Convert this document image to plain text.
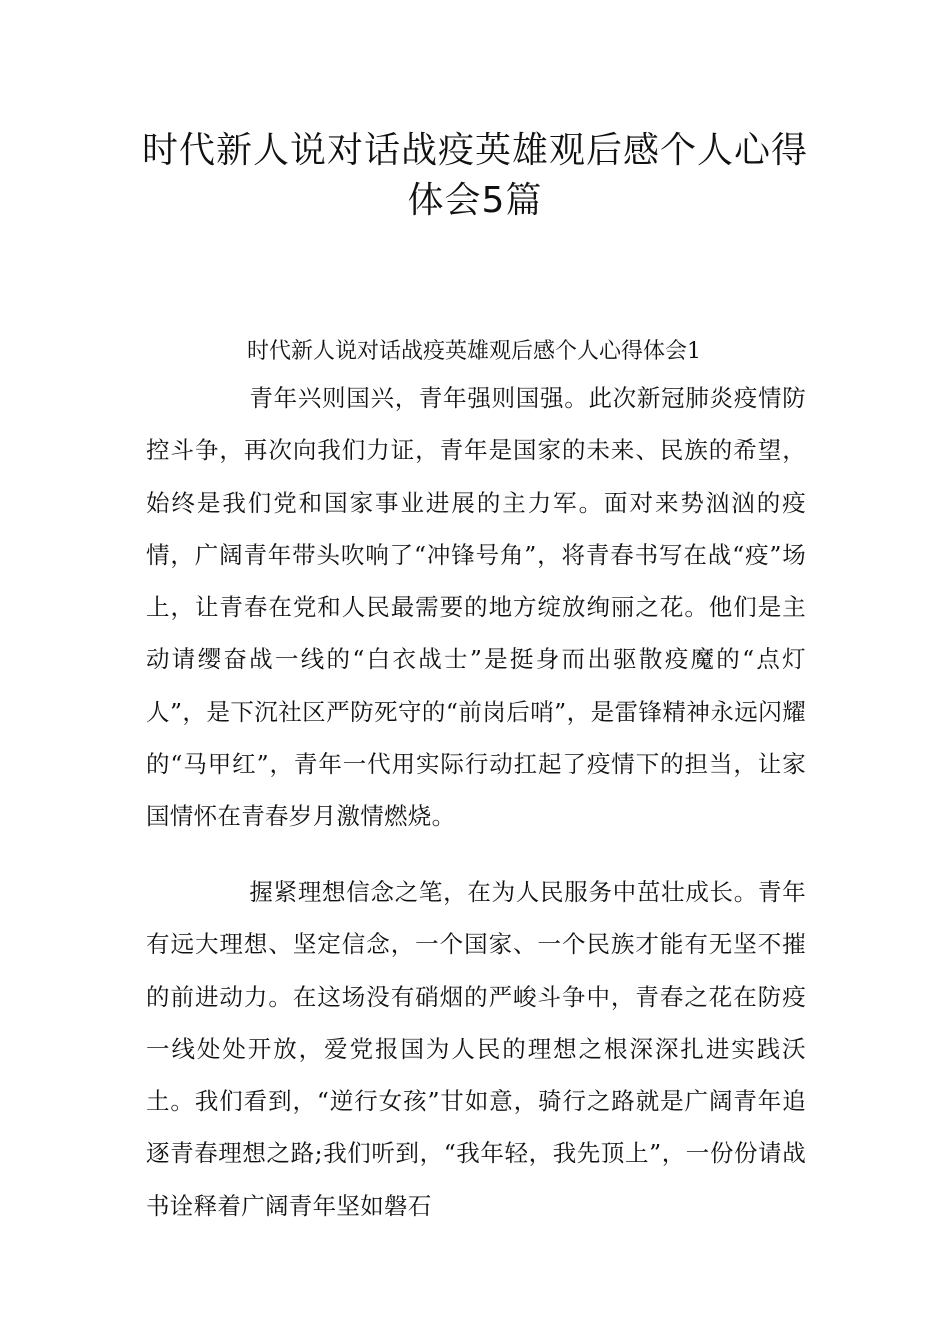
时代新人说对话战疫英雄观后感个人心得体会5篇

时代新人说对话战疫英雄观后感个人心得体会1

青年兴则国兴，青年强则国强。此次新冠肺炎疫情防控斗争，再次向我们力证，青年是国家的未来、民族的希望，始终是我们党和国家事业进展的主力军。面对来势汹汹的疫情，广阔青年带头吹响了“冲锋号角”，将青春书写在战“疫”场上，让青春在党和人民最需要的地方绽放绚丽之花。他们是主动请缨奋战一线的“白衣战士”是挺身而出驱散疫魔的“点灯人”，是下沉社区严防死守的“前岗后哨”，是雷锋精神永远闪耀的“马甲红”，青年一代用实际行动扛起了疫情下的担当，让家国情怀在青春岁月激情燃烧。

握紧理想信念之笔，在为人民服务中茁壮成长。青年有远大理想、坚定信念，一个国家、一个民族才能有无坚不摧的前进动力。在这场没有硝烟的严峻斗争中，青春之花在防疫一线处处开放，爱党报国为人民的理想之根深深扎进实践沃土。我们看到，“逆行女孩”甘如意，骑行之路就是广阔青年追逐青春理想之路;我们听到，“我年轻，我先顶上”，一份份请战书诠释着广阔青年坚如磐石
